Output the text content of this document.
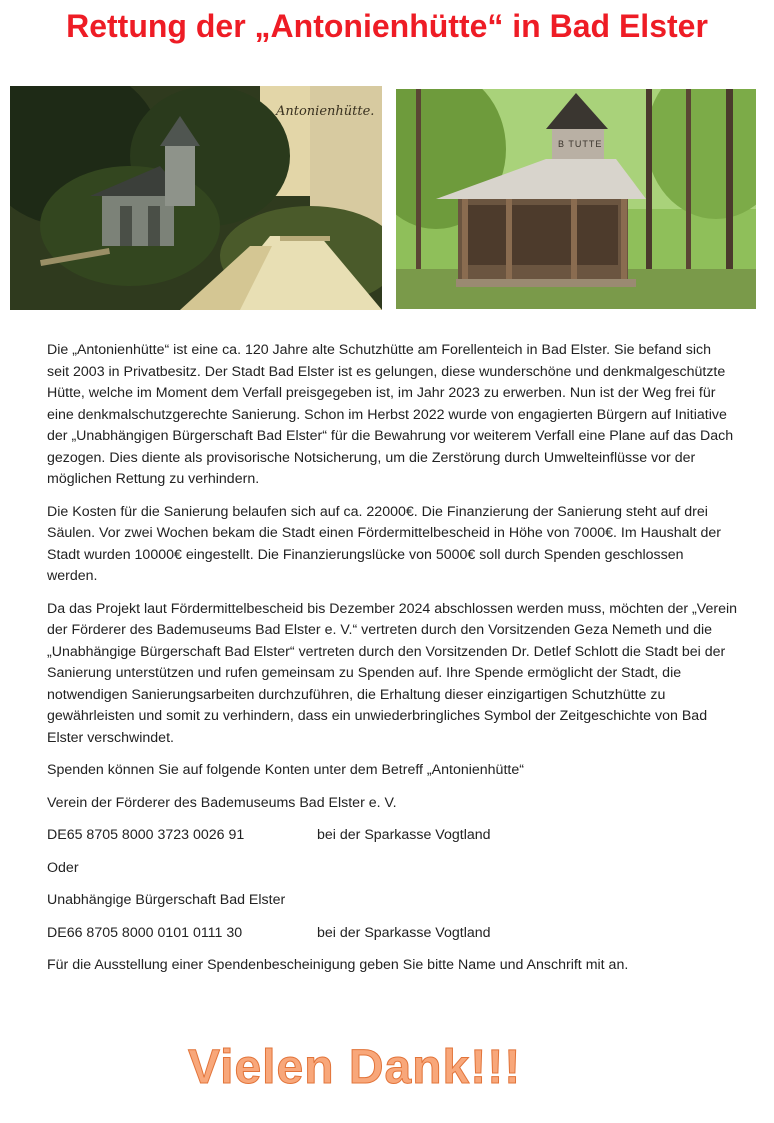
Rettung der „Antonienhütte“ in Bad Elster
Antonienhütte.
B TUTTE

Die „Antonienhütte“ ist eine ca. 120 Jahre alte Schutzhütte am Forellenteich in Bad Elster. Sie befand sich seit 2003 in Privatbesitz. Der Stadt Bad Elster ist es gelungen, diese wunderschöne und denkmalgeschützte Hütte, welche im Moment dem Verfall preisgegeben ist, im Jahr 2023 zu erwerben. Nun ist der Weg frei für eine denkmalschutzgerechte Sanierung. Schon im Herbst 2022 wurde von engagierten Bürgern auf Initiative der „Unabhängigen Bürgerschaft Bad Elster“ für die Bewahrung vor weiterem Verfall eine Plane auf das Dach gezogen. Dies diente als provisorische Notsicherung, um die Zerstörung durch Umwelteinflüsse vor der möglichen Rettung zu verhindern.

Die Kosten für die Sanierung belaufen sich auf ca. 22000€. Die Finanzierung der Sanierung steht auf drei Säulen. Vor zwei Wochen bekam die Stadt einen Fördermittelbescheid in Höhe von 7000€. Im Haushalt der Stadt wurden 10000€ eingestellt. Die Finanzierungslücke von 5000€ soll durch Spenden geschlossen werden.

Da das Projekt laut Fördermittelbescheid bis Dezember 2024 abschlossen werden muss, möchten der „Verein der Förderer des Bademuseums Bad Elster e. V.“ vertreten durch den Vorsitzenden Geza Nemeth und die „Unabhängige Bürgerschaft Bad Elster“ vertreten durch den Vorsitzenden Dr. Detlef Schlott die Stadt bei der Sanierung unterstützen und rufen gemeinsam zu Spenden auf. Ihre Spende ermöglicht der Stadt, die notwendigen Sanierungsarbeiten durchzuführen, die Erhaltung dieser einzigartigen Schutzhütte zu gewährleisten und somit zu verhindern, dass ein unwiederbringliches Symbol der Zeitgeschichte von Bad Elster verschwindet.

Spenden können Sie auf folgende Konten unter dem Betreff „Antonienhütte“

Verein der Förderer des Bademuseums Bad Elster e. V.

DE65 8705 8000 3723 0026 91	bei der Sparkasse Vogtland

Oder

Unabhängige Bürgerschaft Bad Elster

DE66 8705 8000 0101 0111 30	bei der Sparkasse Vogtland

Für die Ausstellung einer Spendenbescheinigung geben Sie bitte Name und Anschrift mit an.

Vielen Dank!!!
